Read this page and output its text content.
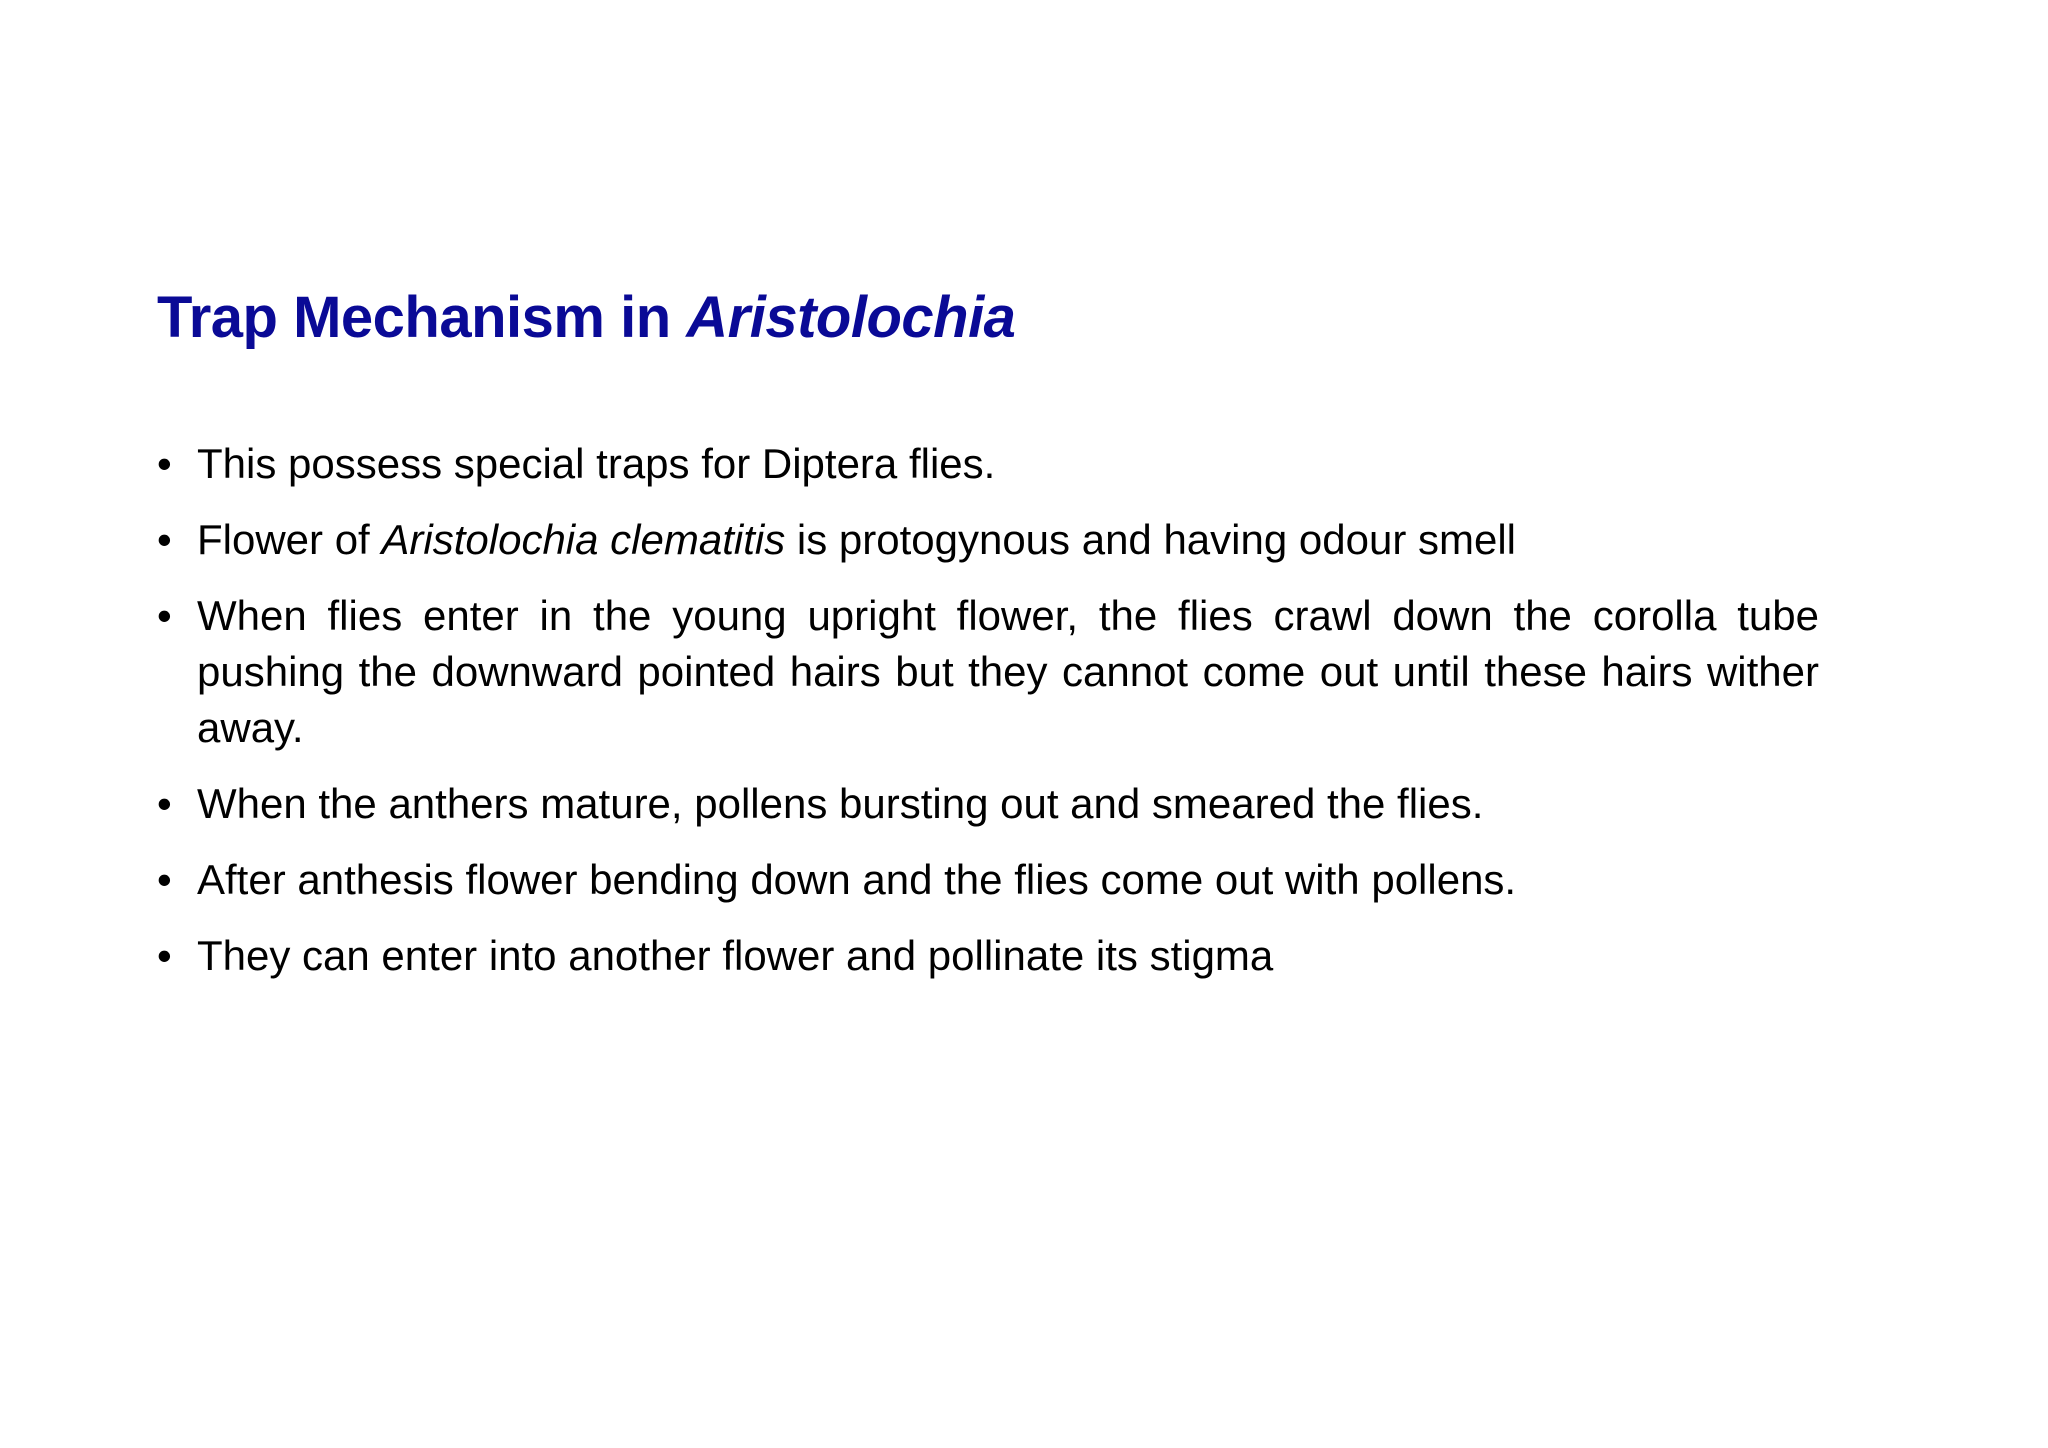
Trap Mechanism in Aristolochia
• This possess special traps for Diptera flies.
• Flower of Aristolochia clematitis is protogynous and having odour smell
• When flies enter in the young upright flower, the flies crawl down the corolla tube pushing the downward pointed hairs but they cannot come out until these hairs wither away.
• When the anthers mature, pollens bursting out and smeared the flies.
• After anthesis flower bending down and the flies come out with pollens.
• They can enter into another flower and pollinate its stigma
